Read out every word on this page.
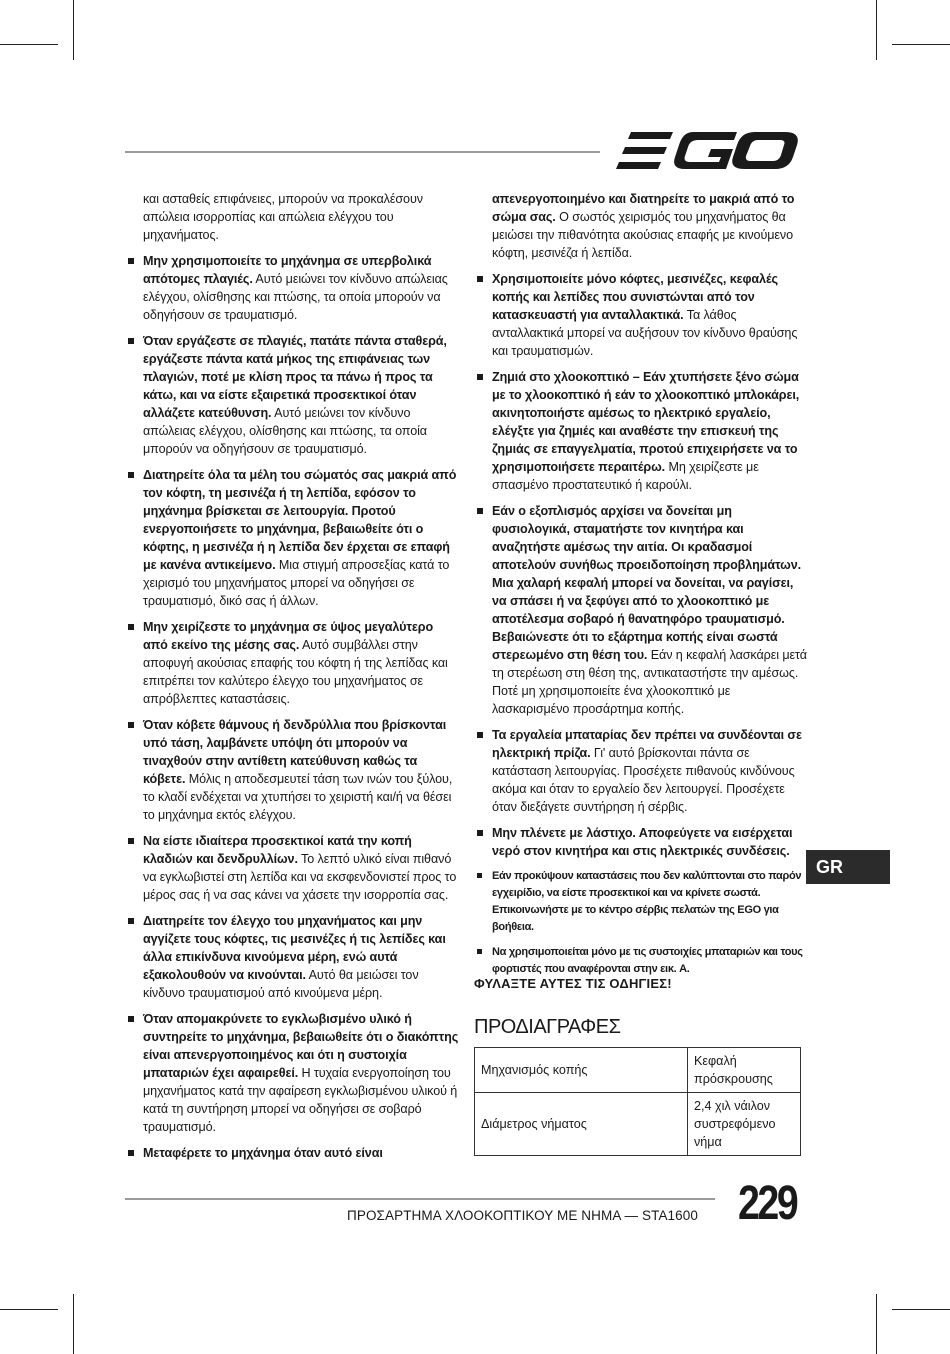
και ασταθείς επιφάνειες, μπορούν να προκαλέσουν απώλεια ισορροπίας και απώλεια ελέγχου του μηχανήματος.

Μην χρησιμοποιείτε το μηχάνημα σε υπερβολικά απότομες πλαγιές. Αυτό μειώνει τον κίνδυνο απώλειας ελέγχου, ολίσθησης και πτώσης, τα οποία μπορούν να οδηγήσουν σε τραυματισμό.
Όταν εργάζεστε σε πλαγιές, πατάτε πάντα σταθερά, εργάζεστε πάντα κατά μήκος της επιφάνειας των πλαγιών, ποτέ με κλίση προς τα πάνω ή προς τα κάτω, και να είστε εξαιρετικά προσεκτικοί όταν αλλάζετε κατεύθυνση. Αυτό μειώνει τον κίνδυνο απώλειας ελέγχου, ολίσθησης και πτώσης, τα οποία μπορούν να οδηγήσουν σε τραυματισμό.
Διατηρείτε όλα τα μέλη του σώματός σας μακριά από τον κόφτη, τη μεσινέζα ή τη λεπίδα, εφόσον το μηχάνημα βρίσκεται σε λειτουργία. Προτού ενεργοποιήσετε το μηχάνημα, βεβαιωθείτε ότι ο κόφτης, η μεσινέζα ή η λεπίδα δεν έρχεται σε επαφή με κανένα αντικείμενο. Μια στιγμή απροσεξίας κατά το χειρισμό του μηχανήματος μπορεί να οδηγήσει σε τραυματισμό, δικό σας ή άλλων.
Μην χειρίζεστε το μηχάνημα σε ύψος μεγαλύτερο από εκείνο της μέσης σας. Αυτό συμβάλλει στην αποφυγή ακούσιας επαφής του κόφτη ή της λεπίδας και επιτρέπει τον καλύτερο έλεγχο του μηχανήματος σε απρόβλεπτες καταστάσεις.
Όταν κόβετε θάμνους ή δενδρύλλια που βρίσκονται υπό τάση, λαμβάνετε υπόψη ότι μπορούν να τιναχθούν στην αντίθετη κατεύθυνση καθώς τα κόβετε. Μόλις η αποδεσμευτεί τάση των ινών του ξύλου, το κλαδί ενδέχεται να χτυπήσει το χειριστή και/ή να θέσει το μηχάνημα εκτός ελέγχου.
Να είστε ιδιαίτερα προσεκτικοί κατά την κοπή κλαδιών και δενδρυλλίων. Το λεπτό υλικό είναι πιθανό να εγκλωβιστεί στη λεπίδα και να εκσφενδονιστεί προς το μέρος σας ή να σας κάνει να χάσετε την ισορροπία σας.
Διατηρείτε τον έλεγχο του μηχανήματος και μην αγγίζετε τους κόφτες, τις μεσινέζες ή τις λεπίδες και άλλα επικίνδυνα κινούμενα μέρη, ενώ αυτά εξακολουθούν να κινούνται. Αυτό θα μειώσει τον κίνδυνο τραυματισμού από κινούμενα μέρη.
Όταν απομακρύνετε το εγκλωβισμένο υλικό ή συντηρείτε το μηχάνημα, βεβαιωθείτε ότι ο διακόπτης είναι απενεργοποιημένος και ότι η συστοιχία μπαταριών έχει αφαιρεθεί. Η τυχαία ενεργοποίηση του μηχανήματος κατά την αφαίρεση εγκλωβισμένου υλικού ή κατά τη συντήρηση μπορεί να οδηγήσει σε σοβαρό τραυματισμό.
Μεταφέρετε το μηχάνημα όταν αυτό είναι

απενεργοποιημένο και διατηρείτε το μακριά από το σώμα σας. Ο σωστός χειρισμός του μηχανήματος θα μειώσει την πιθανότητα ακούσιας επαφής με κινούμενο κόφτη, μεσινέζα ή λεπίδα.

Χρησιμοποιείτε μόνο κόφτες, μεσινέζες, κεφαλές κοπής και λεπίδες που συνιστώνται από τον κατασκευαστή για ανταλλακτικά. Τα λάθος ανταλλακτικά μπορεί να αυξήσουν τον κίνδυνο θραύσης και τραυματισμών.
Ζημιά στο χλοοκοπτικό – Εάν χτυπήσετε ξένο σώμα με το χλοοκοπτικό ή εάν το χλοοκοπτικό μπλοκάρει, ακινητοποιήστε αμέσως το ηλεκτρικό εργαλείο, ελέγξτε για ζημιές και αναθέστε την επισκευή της ζημιάς σε επαγγελματία, προτού επιχειρήσετε να το χρησιμοποιήσετε περαιτέρω. Μη χειρίζεστε με σπασμένο προστατευτικό ή καρούλι.
Εάν ο εξοπλισμός αρχίσει να δονείται μη φυσιολογικά, σταματήστε τον κινητήρα και αναζητήστε αμέσως την αιτία. Οι κραδασμοί αποτελούν συνήθως προειδοποίηση προβλημάτων. Μια χαλαρή κεφαλή μπορεί να δονείται, να ραγίσει, να σπάσει ή να ξεφύγει από το χλοοκοπτικό με αποτέλεσμα σοβαρό ή θανατηφόρο τραυματισμό. Βεβαιώνεστε ότι το εξάρτημα κοπής είναι σωστά στερεωμένο στη θέση του. Εάν η κεφαλή λασκάρει μετά τη στερέωση στη θέση της, αντικαταστήστε την αμέσως. Ποτέ μη χρησιμοποιείτε ένα χλοοκοπτικό με λασκαρισμένο προσάρτημα κοπής.
Τα εργαλεία μπαταρίας δεν πρέπει να συνδέονται σε ηλεκτρική πρίζα. Γι' αυτό βρίσκονται πάντα σε κατάσταση λειτουργίας. Προσέχετε πιθανούς κινδύνους ακόμα και όταν το εργαλείο δεν λειτουργεί. Προσέχετε όταν διεξάγετε συντήρηση ή σέρβις.
Μην πλένετε με λάστιχο. Αποφεύγετε να εισέρχεται νερό στον κινητήρα και στις ηλεκτρικές συνδέσεις.
Εάν προκύψουν καταστάσεις που δεν καλύπτονται στο παρόν εγχειρίδιο, να είστε προσεκτικοί και να κρίνετε σωστά. Επικοινωνήστε με το κέντρο σέρβις πελατών της EGO για βοήθεια.
Να χρησιμοποιείται μόνο με τις συστοιχίες μπαταριών και τους φορτιστές που αναφέρονται στην εικ. A.
ΦΥΛΑΞΤΕ ΑΥΤΕΣ ΤΙΣ ΟΔΗΓΙΕΣ!
ΠΡΟΔΙΑΓΡΑΦΕΣ
Μηχανισμός κοπής	Κεφαλή πρόσκρουσης
Διάμετρος νήματος	2,4 χιλ νάιλον συστρεφόμενο νήμα
GR
ΠΡΟΣΑΡΤΗΜΑ ΧΛΟΟΚΟΠΤΙΚΟΥ ΜΕ ΝΗΜΑ — STA1600 229
